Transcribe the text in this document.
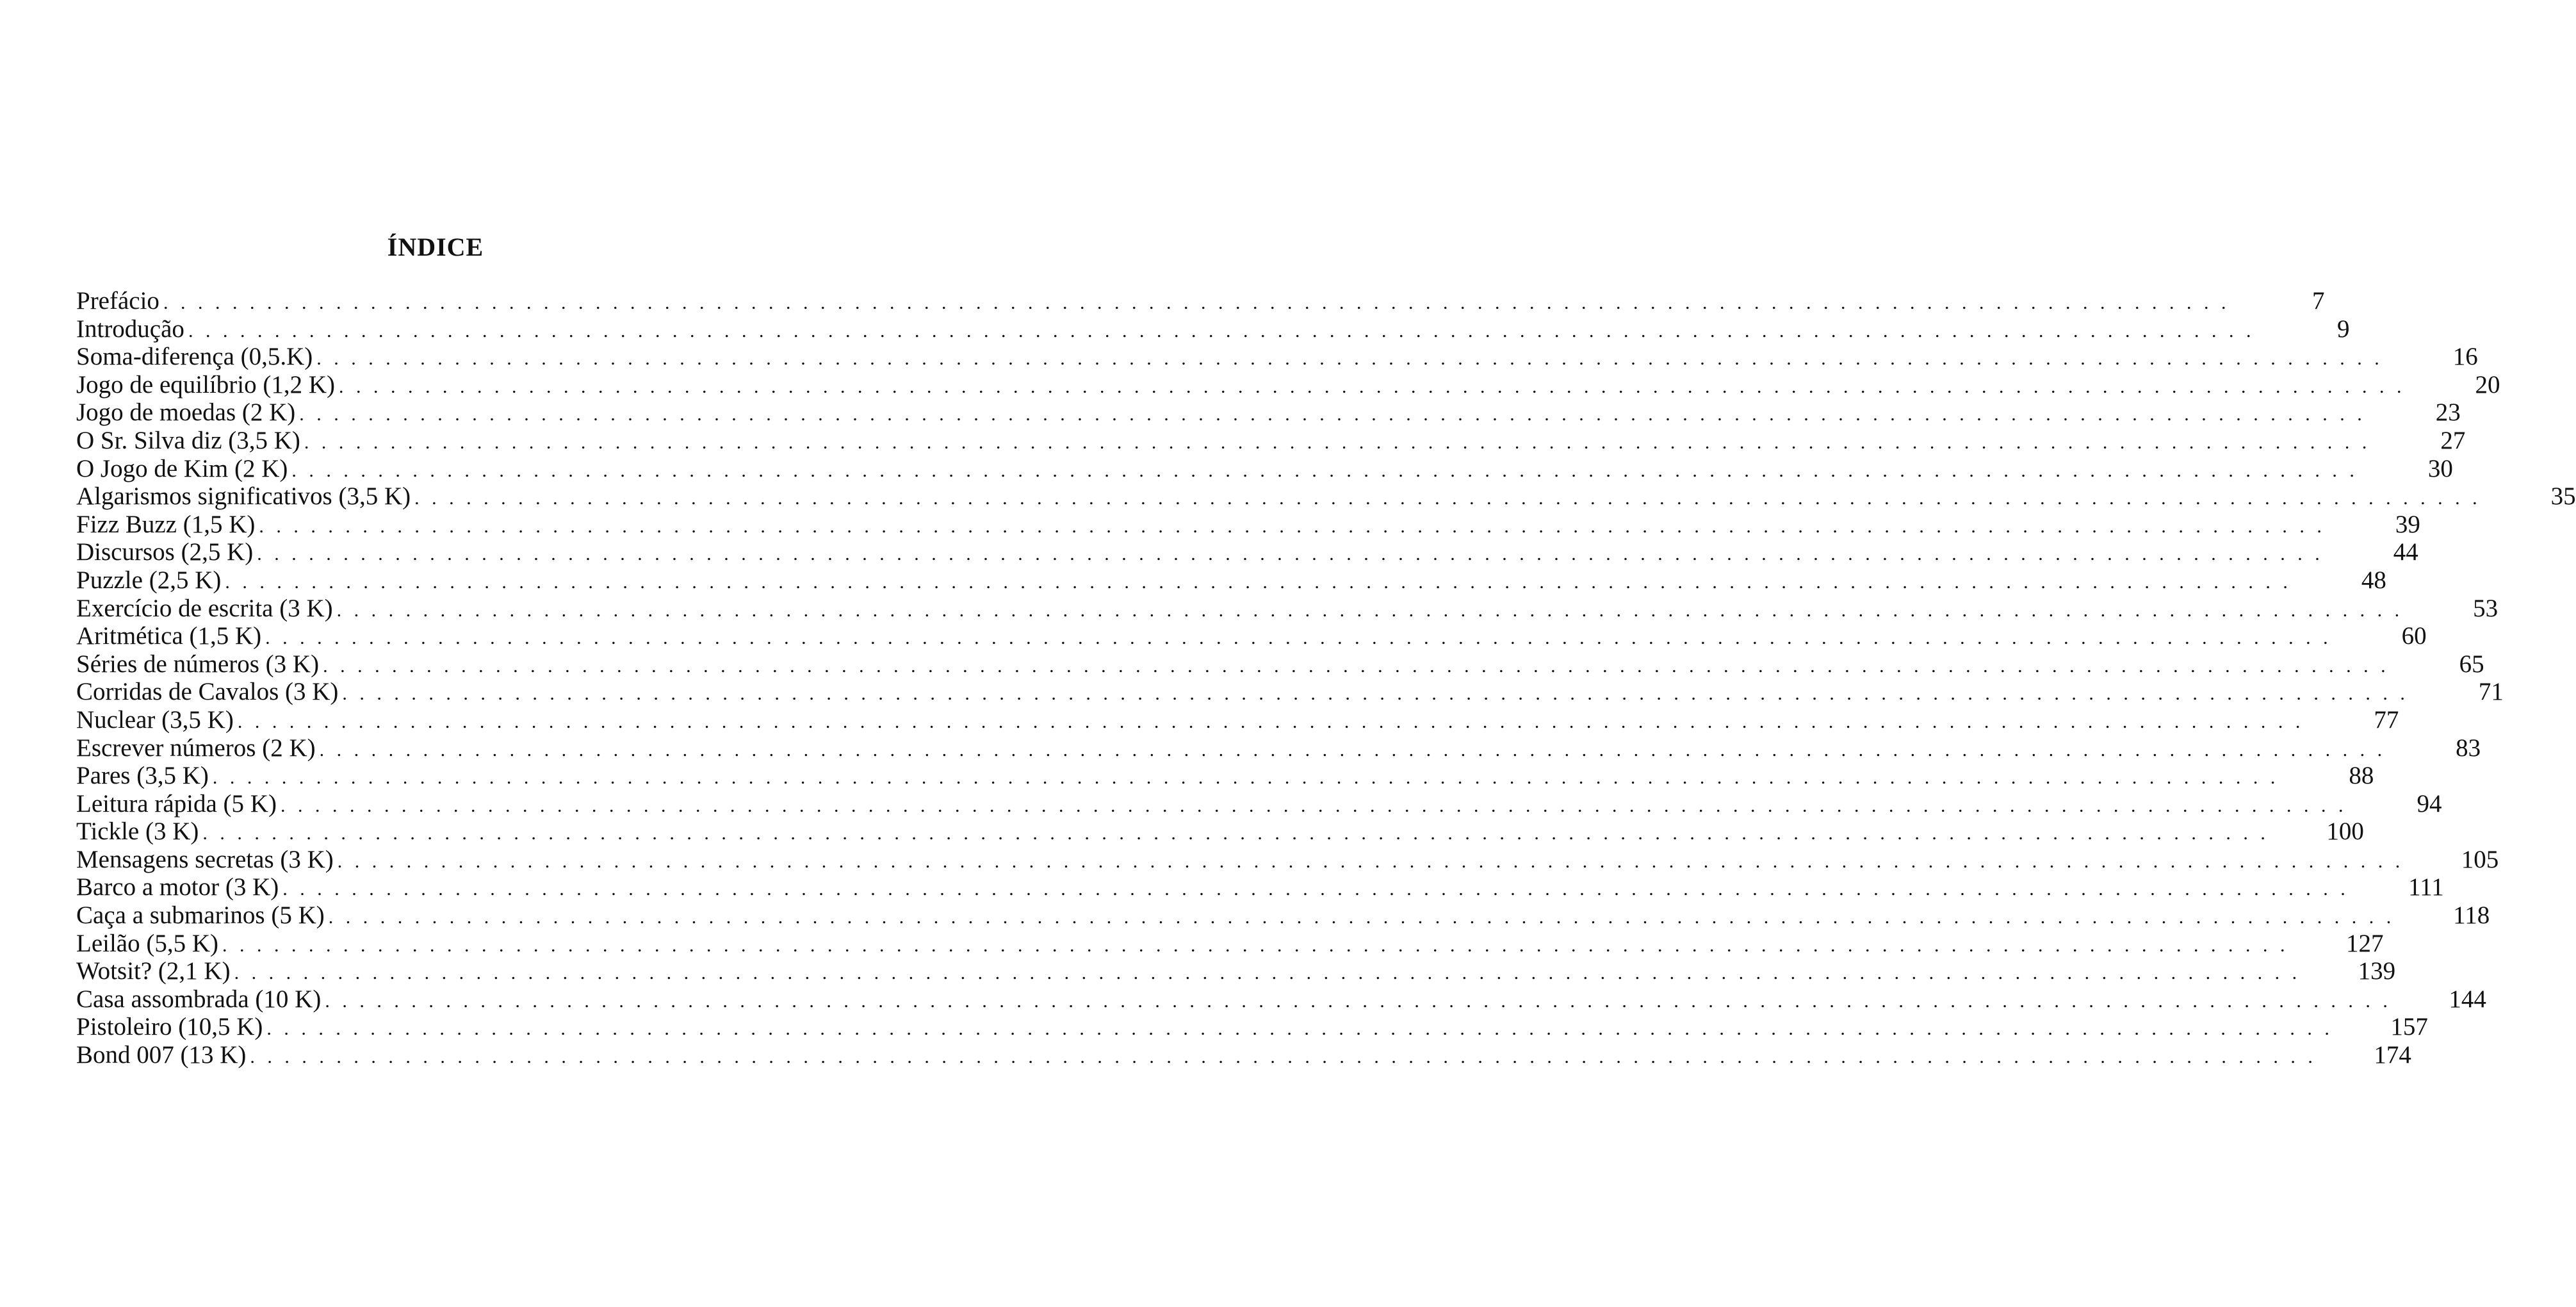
ÍNDICE
Prefácio . . . . . . . . . . . . . . . . . . . . . . . . . . . . . . . . . . . . . . . . . . . . . . . . . . . . . . . . . . . . . . . . . . . . . . . . . . . . . . . . . . . . . . . . . . . . . . . . . . . . . . . . . . . . . . . . . . . . . . . .	7
Introdução . . . . . . . . . . . . . . . . . . . . . . . . . . . . . . . . . . . . . . . . . . . . . . . . . . . . . . . . . . . . . . . . . . . . . . . . . . . . . . . . . . . . . . . . . . . . . . . . . . . . . . . . . . . . . . . . . . . . . . . .	9
Soma-diferença (0,5.K) . . . . . . . . . . . . . . . . . . . . . . . . . . . . . . . . . . . . . . . . . . . . . . . . . . . . . . . . . . . . . . . . . . . . . . . . . . . . . . . . . . . . . . . . . . . . . . . . . . . . . . . . . . . . . . . . . . . . . . . .	16
Jogo de equilíbrio (1,2 K) . . . . . . . . . . . . . . . . . . . . . . . . . . . . . . . . . . . . . . . . . . . . . . . . . . . . . . . . . . . . . . . . . . . . . . . . . . . . . . . . . . . . . . . . . . . . . . . . . . . . . . . . . . . . . . . . . . . . . . . .	20
Jogo de moedas (2 K) . . . . . . . . . . . . . . . . . . . . . . . . . . . . . . . . . . . . . . . . . . . . . . . . . . . . . . . . . . . . . . . . . . . . . . . . . . . . . . . . . . . . . . . . . . . . . . . . . . . . . . . . . . . . . . . . . . . . . . . .	23
O Sr. Silva diz (3,5 K) . . . . . . . . . . . . . . . . . . . . . . . . . . . . . . . . . . . . . . . . . . . . . . . . . . . . . . . . . . . . . . . . . . . . . . . . . . . . . . . . . . . . . . . . . . . . . . . . . . . . . . . . . . . . . . . . . . . . . . . .	27
O Jogo de Kim (2 K) . . . . . . . . . . . . . . . . . . . . . . . . . . . . . . . . . . . . . . . . . . . . . . . . . . . . . . . . . . . . . . . . . . . . . . . . . . . . . . . . . . . . . . . . . . . . . . . . . . . . . . . . . . . . . . . . . . . . . . . .	30
Algarismos significativos (3,5 K) . . . . . . . . . . . . . . . . . . . . . . . . . . . . . . . . . . . . . . . . . . . . . . . . . . . . . . . . . . . . . . . . . . . . . . . . . . . . . . . . . . . . . . . . . . . . . . . . . . . . . . . . . . . . . . . . . . . . . . . .	35
Fizz Buzz (1,5 K) . . . . . . . . . . . . . . . . . . . . . . . . . . . . . . . . . . . . . . . . . . . . . . . . . . . . . . . . . . . . . . . . . . . . . . . . . . . . . . . . . . . . . . . . . . . . . . . . . . . . . . . . . . . . . . . . . . . . . . . .	39
Discursos (2,5 K) . . . . . . . . . . . . . . . . . . . . . . . . . . . . . . . . . . . . . . . . . . . . . . . . . . . . . . . . . . . . . . . . . . . . . . . . . . . . . . . . . . . . . . . . . . . . . . . . . . . . . . . . . . . . . . . . . . . . . . . .	44
Puzzle (2,5 K) . . . . . . . . . . . . . . . . . . . . . . . . . . . . . . . . . . . . . . . . . . . . . . . . . . . . . . . . . . . . . . . . . . . . . . . . . . . . . . . . . . . . . . . . . . . . . . . . . . . . . . . . . . . . . . . . . . . . . . . .	48
Exercício de escrita (3 K) . . . . . . . . . . . . . . . . . . . . . . . . . . . . . . . . . . . . . . . . . . . . . . . . . . . . . . . . . . . . . . . . . . . . . . . . . . . . . . . . . . . . . . . . . . . . . . . . . . . . . . . . . . . . . . . . . . . . . . . .	53
Aritmética (1,5 K) . . . . . . . . . . . . . . . . . . . . . . . . . . . . . . . . . . . . . . . . . . . . . . . . . . . . . . . . . . . . . . . . . . . . . . . . . . . . . . . . . . . . . . . . . . . . . . . . . . . . . . . . . . . . . . . . . . . . . . . .	60
Séries de números (3 K) . . . . . . . . . . . . . . . . . . . . . . . . . . . . . . . . . . . . . . . . . . . . . . . . . . . . . . . . . . . . . . . . . . . . . . . . . . . . . . . . . . . . . . . . . . . . . . . . . . . . . . . . . . . . . . . . . . . . . . . .	65
Corridas de Cavalos (3 K) . . . . . . . . . . . . . . . . . . . . . . . . . . . . . . . . . . . . . . . . . . . . . . . . . . . . . . . . . . . . . . . . . . . . . . . . . . . . . . . . . . . . . . . . . . . . . . . . . . . . . . . . . . . . . . . . . . . . . . . .	71
Nuclear (3,5 K) . . . . . . . . . . . . . . . . . . . . . . . . . . . . . . . . . . . . . . . . . . . . . . . . . . . . . . . . . . . . . . . . . . . . . . . . . . . . . . . . . . . . . . . . . . . . . . . . . . . . . . . . . . . . . . . . . . . . . . . .	77
Escrever números (2 K) . . . . . . . . . . . . . . . . . . . . . . . . . . . . . . . . . . . . . . . . . . . . . . . . . . . . . . . . . . . . . . . . . . . . . . . . . . . . . . . . . . . . . . . . . . . . . . . . . . . . . . . . . . . . . . . . . . . . . . . .	83
Pares (3,5 K) . . . . . . . . . . . . . . . . . . . . . . . . . . . . . . . . . . . . . . . . . . . . . . . . . . . . . . . . . . . . . . . . . . . . . . . . . . . . . . . . . . . . . . . . . . . . . . . . . . . . . . . . . . . . . . . . . . . . . . . .	88
Leitura rápida (5 K) . . . . . . . . . . . . . . . . . . . . . . . . . . . . . . . . . . . . . . . . . . . . . . . . . . . . . . . . . . . . . . . . . . . . . . . . . . . . . . . . . . . . . . . . . . . . . . . . . . . . . . . . . . . . . . . . . . . . . . . .	94
Tickle (3 K) . . . . . . . . . . . . . . . . . . . . . . . . . . . . . . . . . . . . . . . . . . . . . . . . . . . . . . . . . . . . . . . . . . . . . . . . . . . . . . . . . . . . . . . . . . . . . . . . . . . . . . . . . . . . . . . . . . . . . . . .	100
Mensagens secretas (3 K) . . . . . . . . . . . . . . . . . . . . . . . . . . . . . . . . . . . . . . . . . . . . . . . . . . . . . . . . . . . . . . . . . . . . . . . . . . . . . . . . . . . . . . . . . . . . . . . . . . . . . . . . . . . . . . . . . . . . . . . .	105
Barco a motor (3 K) . . . . . . . . . . . . . . . . . . . . . . . . . . . . . . . . . . . . . . . . . . . . . . . . . . . . . . . . . . . . . . . . . . . . . . . . . . . . . . . . . . . . . . . . . . . . . . . . . . . . . . . . . . . . . . . . . . . . . . . .	111
Caça a submarinos (5 K) . . . . . . . . . . . . . . . . . . . . . . . . . . . . . . . . . . . . . . . . . . . . . . . . . . . . . . . . . . . . . . . . . . . . . . . . . . . . . . . . . . . . . . . . . . . . . . . . . . . . . . . . . . . . . . . . . . . . . . . .	118
Leilão (5,5 K) . . . . . . . . . . . . . . . . . . . . . . . . . . . . . . . . . . . . . . . . . . . . . . . . . . . . . . . . . . . . . . . . . . . . . . . . . . . . . . . . . . . . . . . . . . . . . . . . . . . . . . . . . . . . . . . . . . . . . . . .	127
Wotsit? (2,1 K) . . . . . . . . . . . . . . . . . . . . . . . . . . . . . . . . . . . . . . . . . . . . . . . . . . . . . . . . . . . . . . . . . . . . . . . . . . . . . . . . . . . . . . . . . . . . . . . . . . . . . . . . . . . . . . . . . . . . . . . .	139
Casa assombrada (10 K) . . . . . . . . . . . . . . . . . . . . . . . . . . . . . . . . . . . . . . . . . . . . . . . . . . . . . . . . . . . . . . . . . . . . . . . . . . . . . . . . . . . . . . . . . . . . . . . . . . . . . . . . . . . . . . . . . . . . . . . .	144
Pistoleiro (10,5 K) . . . . . . . . . . . . . . . . . . . . . . . . . . . . . . . . . . . . . . . . . . . . . . . . . . . . . . . . . . . . . . . . . . . . . . . . . . . . . . . . . . . . . . . . . . . . . . . . . . . . . . . . . . . . . . . . . . . . . . . .	157
Bond 007 (13 K) . . . . . . . . . . . . . . . . . . . . . . . . . . . . . . . . . . . . . . . . . . . . . . . . . . . . . . . . . . . . . . . . . . . . . . . . . . . . . . . . . . . . . . . . . . . . . . . . . . . . . . . . . . . . . . . . . . . . . . . .	174
